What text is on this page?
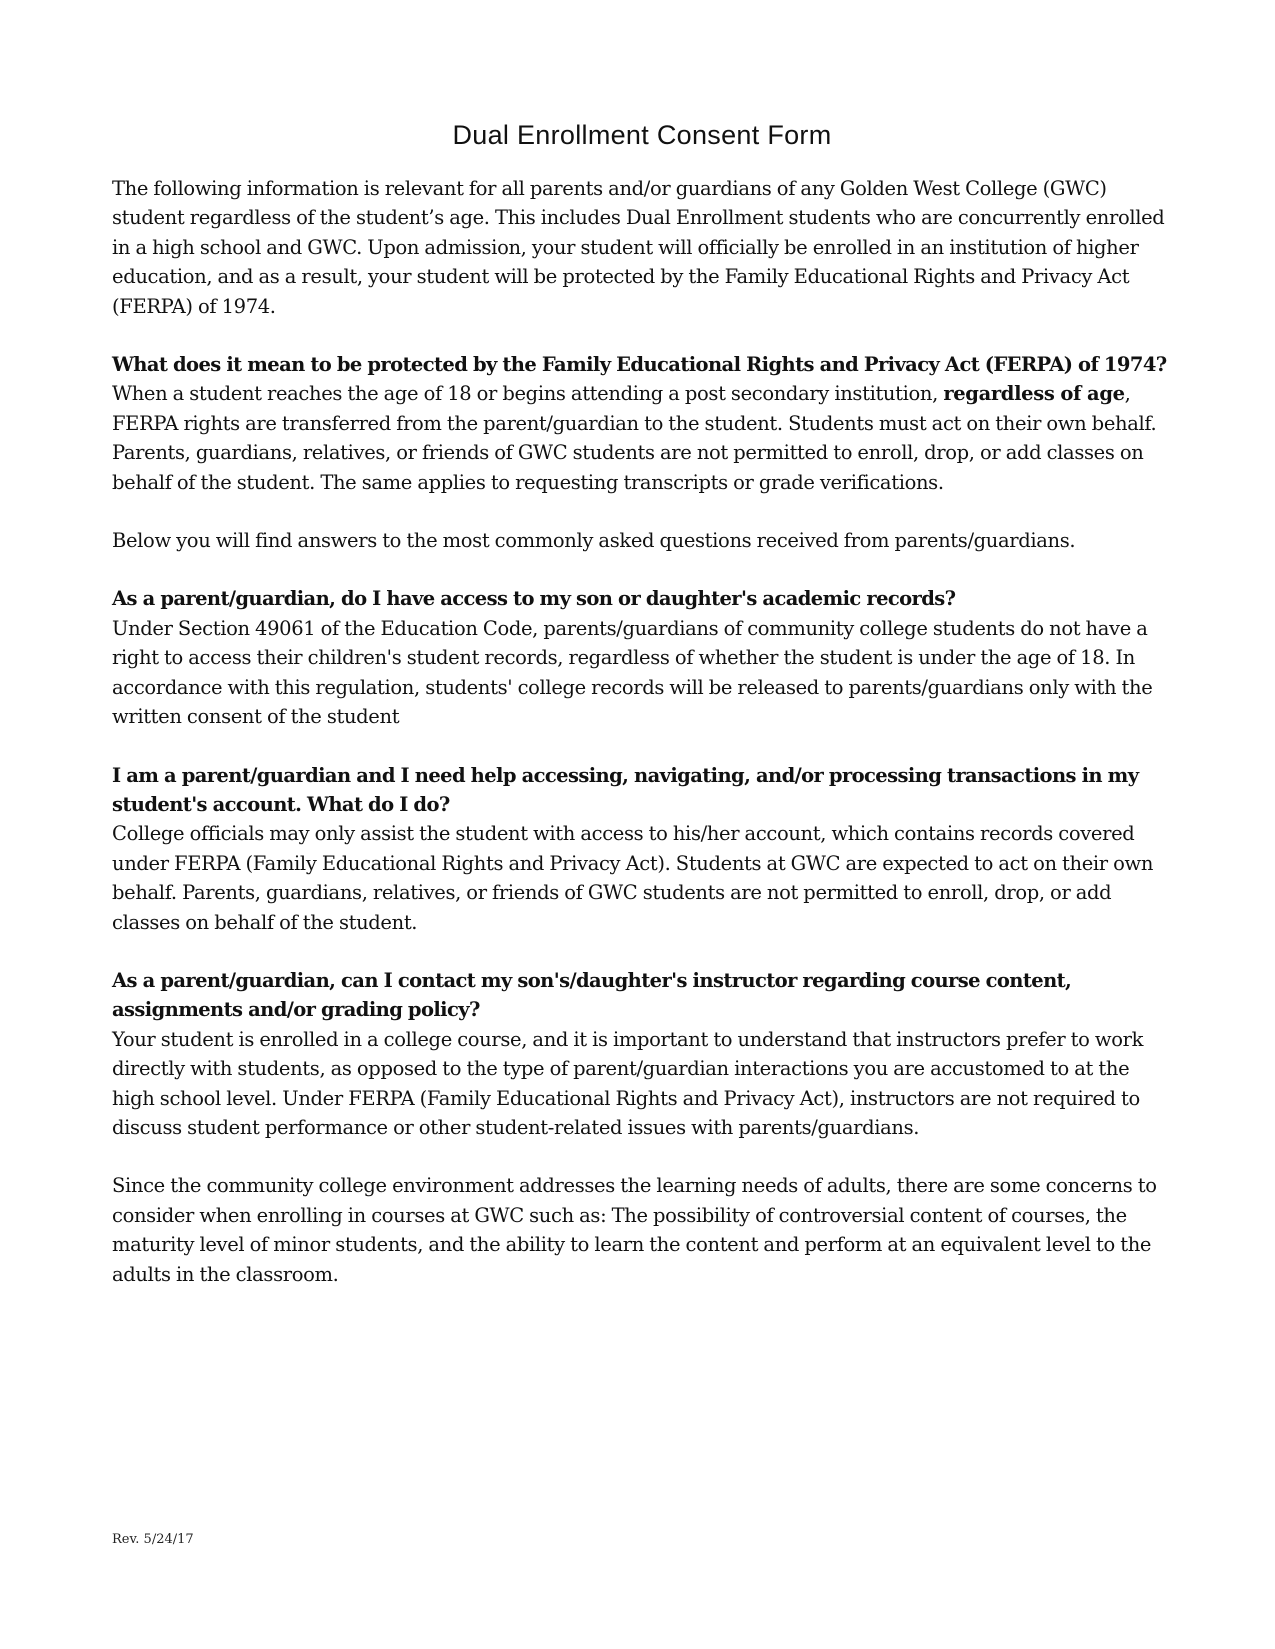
Dual Enrollment Consent Form

The following information is relevant for all parents and/or guardians of any Golden West College (GWC) student regardless of the student’s age. This includes Dual Enrollment students who are concurrently enrolled in a high school and GWC. Upon admission, your student will officially be enrolled in an institution of higher education, and as a result, your student will be protected by the Family Educational Rights and Privacy Act (FERPA) of 1974.

What does it mean to be protected by the Family Educational Rights and Privacy Act (FERPA) of 1974?

When a student reaches the age of 18 or begins attending a post secondary institution, regardless of age, FERPA rights are transferred from the parent/guardian to the student. Students must act on their own behalf. Parents, guardians, relatives, or friends of GWC students are not permitted to enroll, drop, or add classes on behalf of the student. The same applies to requesting transcripts or grade verifications.

Below you will find answers to the most commonly asked questions received from parents/guardians.

As a parent/guardian, do I have access to my son or daughter's academic records?

Under Section 49061 of the Education Code, parents/guardians of community college students do not have a right to access their children's student records, regardless of whether the student is under the age of 18. In accordance with this regulation, students' college records will be released to parents/guardians only with the written consent of the student

I am a parent/guardian and I need help accessing, navigating, and/or processing transactions in my student's account. What do I do?

College officials may only assist the student with access to his/her account, which contains records covered under FERPA (Family Educational Rights and Privacy Act). Students at GWC are expected to act on their own behalf. Parents, guardians, relatives, or friends of GWC students are not permitted to enroll, drop, or add classes on behalf of the student.

As a parent/guardian, can I contact my son's/daughter's instructor regarding course content, assignments and/or grading policy?

Your student is enrolled in a college course, and it is important to understand that instructors prefer to work directly with students, as opposed to the type of parent/guardian interactions you are accustomed to at the high school level. Under FERPA (Family Educational Rights and Privacy Act), instructors are not required to discuss student performance or other student-related issues with parents/guardians.

Since the community college environment addresses the learning needs of adults, there are some concerns to consider when enrolling in courses at GWC such as: The possibility of controversial content of courses, the maturity level of minor students, and the ability to learn the content and perform at an equivalent level to the adults in the classroom.

Rev. 5/24/17
